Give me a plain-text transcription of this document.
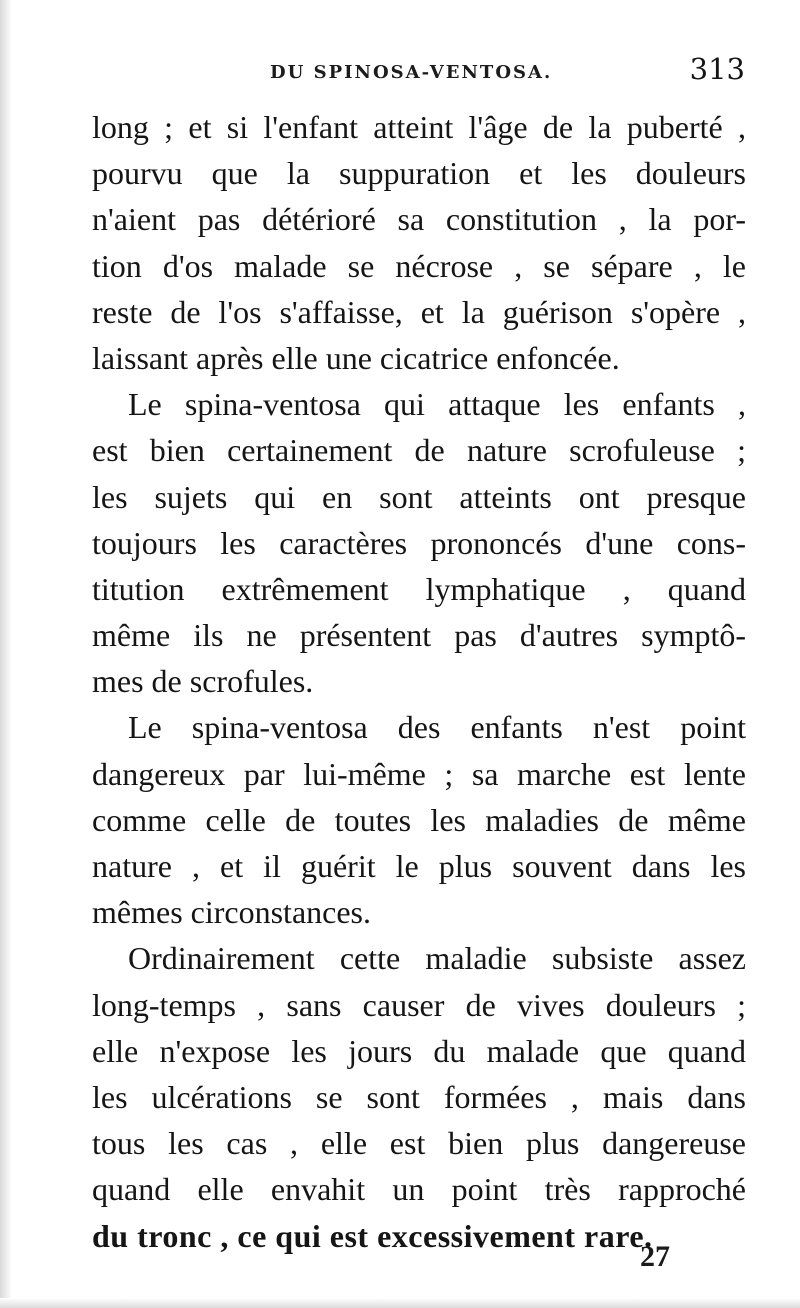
DU SPINOSA-VENTOSA.	313
long ; et si l'enfant atteint l'âge de la puberté ,
pourvu que la suppuration et les douleurs
n'aient pas détérioré sa constitution , la por-
tion d'os malade se nécrose , se sépare , le
reste de l'os s'affaisse, et la guérison s'opère ,
laissant après elle une cicatrice enfoncée.
Le spina-ventosa qui attaque les enfants ,
est bien certainement de nature scrofuleuse ;
les sujets qui en sont atteints ont presque
toujours les caractères prononcés d'une cons-
titution extrêmement lymphatique , quand
même ils ne présentent pas d'autres symptô-
mes de scrofules.
Le spina-ventosa des enfants n'est point
dangereux par lui-même ; sa marche est lente
comme celle de toutes les maladies de même
nature , et il guérit le plus souvent dans les
mêmes circonstances.
Ordinairement cette maladie subsiste assez
long-temps , sans causer de vives douleurs ;
elle n'expose les jours du malade que quand
les ulcérations se sont formées , mais dans
tous les cas , elle est bien plus dangereuse
quand elle envahit un point très rapproché
du tronc , ce qui est excessivement rare.
27
